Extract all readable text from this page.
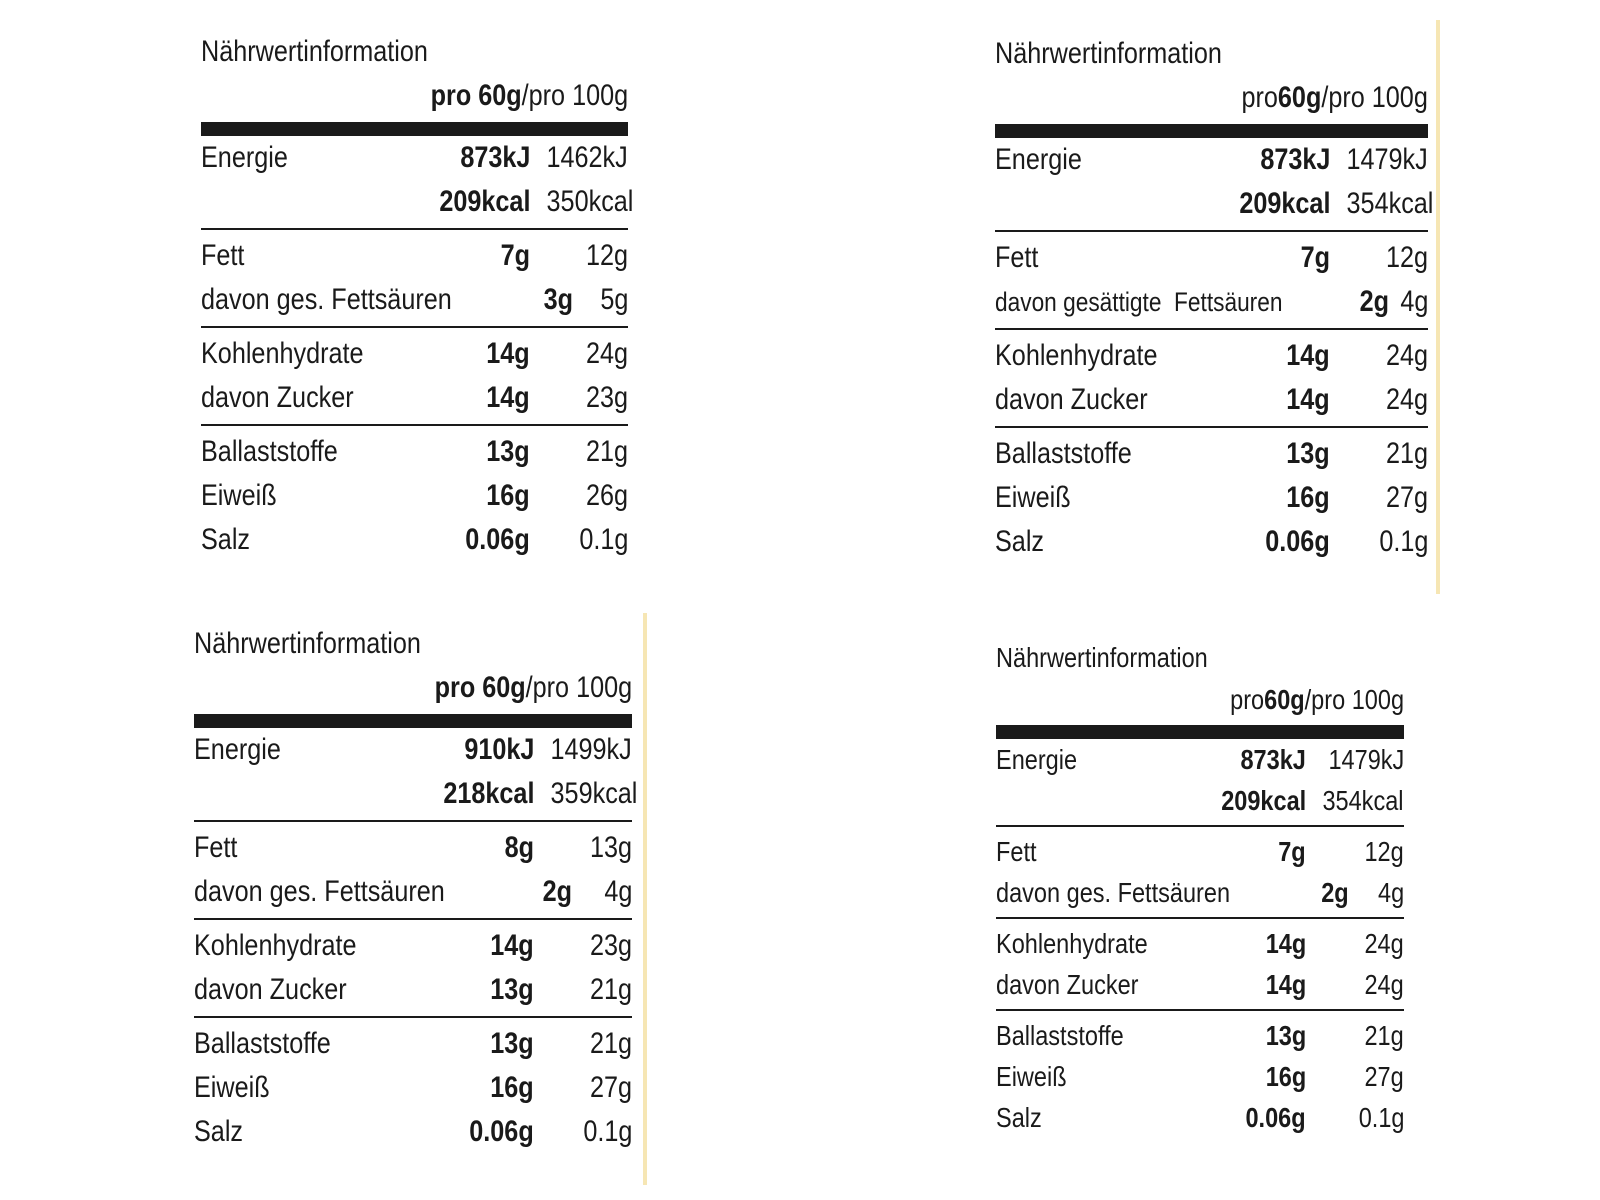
Nährwertinformation
pro 60g/pro 100g
Energie	873kJ 1462kJ
209kcal 350kcal
Fett	7g	12g
davon ges. Fettsäuren	3g 5g
Kohlenhydrate	14g	24g
davon Zucker	14g	23g
Ballaststoffe	13g	21g
Eiweiß	16g	26g
Salz	0.06g	0.1g
Nährwertinformation
pro60g/pro 100g
Energie	873kJ 1479kJ
209kcal 354kcal
Fett	7g	12g
davon gesättigte  Fettsäuren	2g 4g
Kohlenhydrate	14g	24g
davon Zucker	14g	24g
Ballaststoffe	13g	21g
Eiweiß	16g	27g
Salz	0.06g	0.1g
Nährwertinformation
pro 60g/pro 100g
Energie	910kJ 1499kJ
218kcal 359kcal
Fett	8g	13g
davon ges. Fettsäuren	2g	4g
Kohlenhydrate	14g	23g
davon Zucker	13g	21g
Ballaststoffe	13g	21g
Eiweiß	16g	27g
Salz	0.06g	0.1g
Nährwertinformation
pro60g/pro 100g
Energie	873kJ 1479kJ
209kcal 354kcal
Fett	7g	12g
davon ges. Fettsäuren	2g	4g
Kohlenhydrate	14g	24g
davon Zucker	14g	24g
Ballaststoffe	13g	21g
Eiweiß	16g	27g
Salz	0.06g	0.1g
